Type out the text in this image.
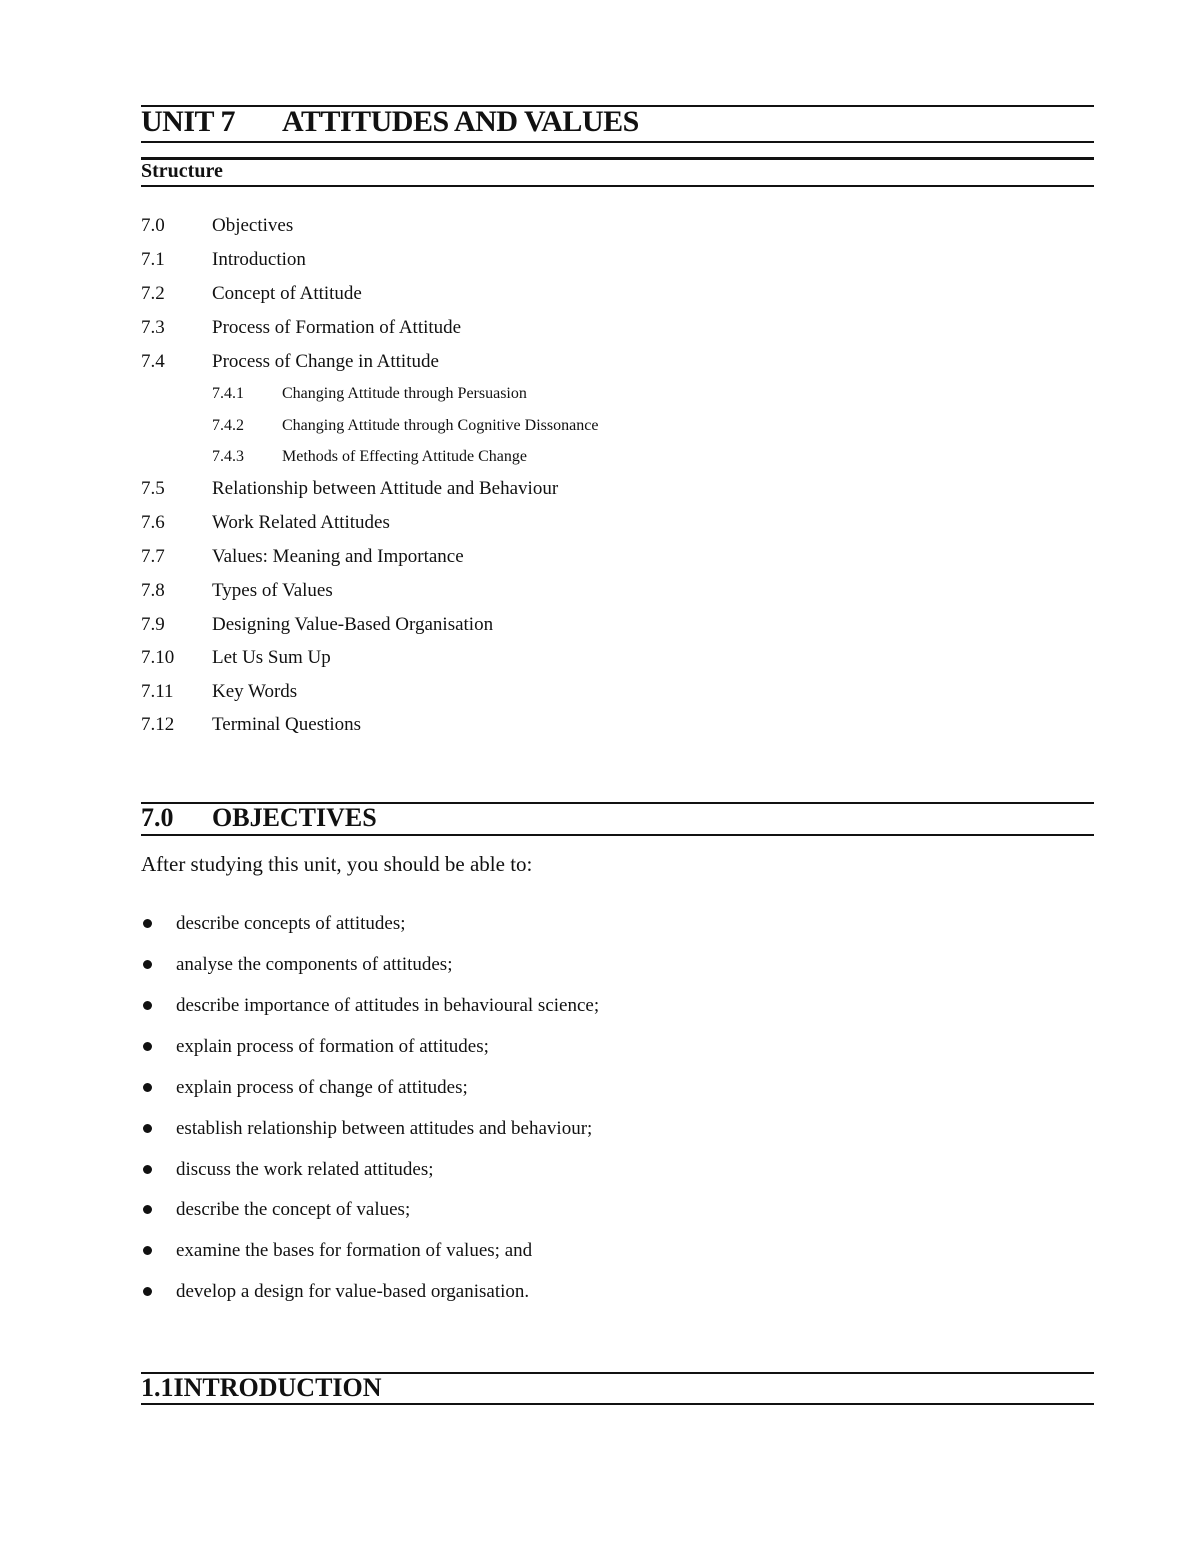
UNIT 7 ATTITUDES AND VALUES
Structure
7.0 Objectives
7.1 Introduction
7.2 Concept of Attitude
7.3 Process of Formation of Attitude
7.4 Process of Change in Attitude
7.4.1 Changing Attitude through Persuasion
7.4.2 Changing Attitude through Cognitive Dissonance
7.4.3 Methods of Effecting Attitude Change
7.5 Relationship between Attitude and Behaviour
7.6 Work Related Attitudes
7.7 Values: Meaning and Importance
7.8 Types of Values
7.9 Designing Value-Based Organisation
7.10 Let Us Sum Up
7.11 Key Words
7.12 Terminal Questions
7.0 OBJECTIVES

After studying this unit, you should be able to:

describe concepts of attitudes;
analyse the components of attitudes;
describe importance of attitudes in behavioural science;
explain process of formation of attitudes;
explain process of change of attitudes;
establish relationship between attitudes and behaviour;
discuss the work related attitudes;
describe the concept of values;
examine the bases for formation of values; and
develop a design for value-based organisation.
1.1INTRODUCTION
